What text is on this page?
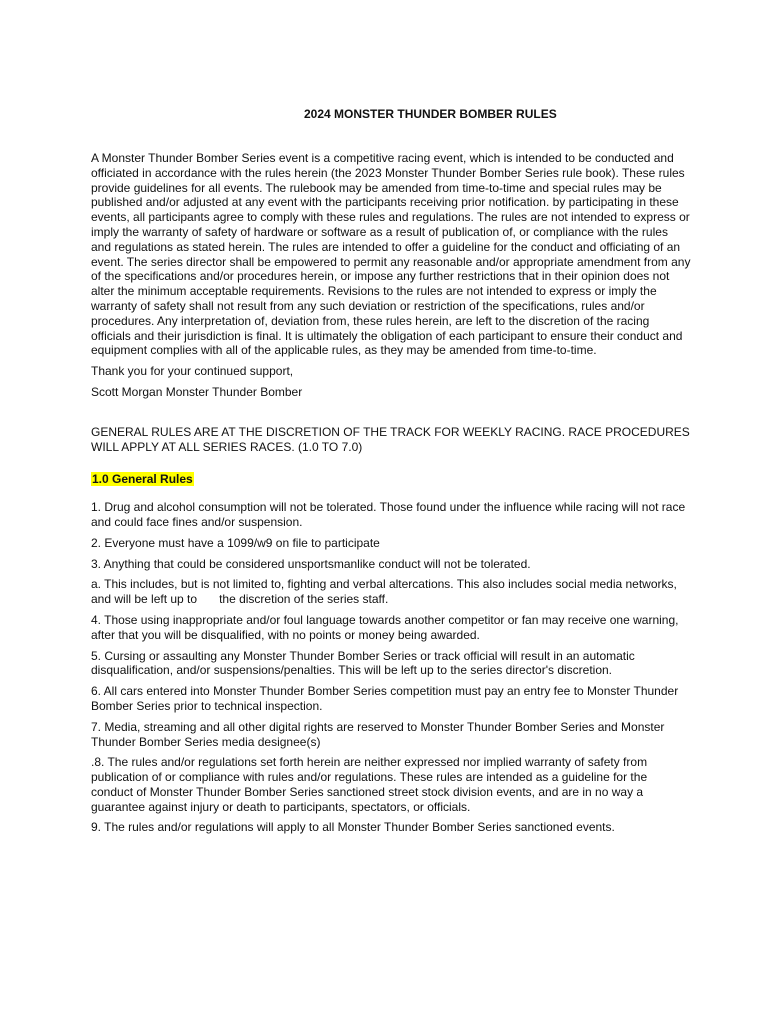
2024 MONSTER THUNDER BOMBER RULES

A Monster Thunder Bomber Series event is a competitive racing event, which is intended to be conducted and officiated in accordance with the rules herein (the 2023 Monster Thunder Bomber Series rule book). These rules provide guidelines for all events. The rulebook may be amended from time-to-time and special rules may be published and/or adjusted at any event with the participants receiving prior notification. by participating in these events, all participants agree to comply with these rules and regulations. The rules are not intended to express or imply the warranty of safety of hardware or software as a result of publication of, or compliance with the rules and regulations as stated herein. The rules are intended to offer a guideline for the conduct and officiating of an event. The series director shall be empowered to permit any reasonable and/or appropriate amendment from any of the specifications and/or procedures herein, or impose any further restrictions that in their opinion does not alter the minimum acceptable requirements. Revisions to the rules are not intended to express or imply the warranty of safety shall not result from any such deviation or restriction of the specifications, rules and/or procedures. Any interpretation of, deviation from, these rules herein, are left to the discretion of the racing officials and their jurisdiction is final. It is ultimately the obligation of each participant to ensure their conduct and equipment complies with all of the applicable rules, as they may be amended from time-to-time.

Thank you for your continued support,

Scott Morgan Monster Thunder Bomber

GENERAL RULES ARE AT THE DISCRETION OF THE TRACK FOR WEEKLY RACING. RACE PROCEDURES WILL APPLY AT ALL SERIES RACES. (1.0 TO 7.0)

1.0 General Rules

1. Drug and alcohol consumption will not be tolerated. Those found under the influence while racing will not race
and could face fines and/or suspension.

2. Everyone must have a 1099/w9 on file to participate

3. Anything that could be considered unsportsmanlike conduct will not be tolerated.

a. This includes, but is not limited to, fighting and verbal altercations. This also includes social media networks, and will be left up to the discretion of the series staff.

4. Those using inappropriate and/or foul language towards another competitor or fan may receive one warning, after that you will be disqualified, with no points or money being awarded.

5. Cursing or assaulting any Monster Thunder Bomber Series or track official will result in an automatic disqualification, and/or suspensions/penalties. This will be left up to the series director's discretion.

6. All cars entered into Monster Thunder Bomber Series competition must pay an entry fee to Monster Thunder Bomber Series prior to technical inspection.

7. Media, streaming and all other digital rights are reserved to Monster Thunder Bomber Series and Monster Thunder Bomber Series media designee(s)

.8. The rules and/or regulations set forth herein are neither expressed nor implied warranty of safety from publication of or compliance with rules and/or regulations. These rules are intended as a guideline for the conduct of Monster Thunder Bomber Series sanctioned street stock division events, and are in no way a guarantee against injury or death to participants, spectators, or officials.

9. The rules and/or regulations will apply to all Monster Thunder Bomber Series sanctioned events.
